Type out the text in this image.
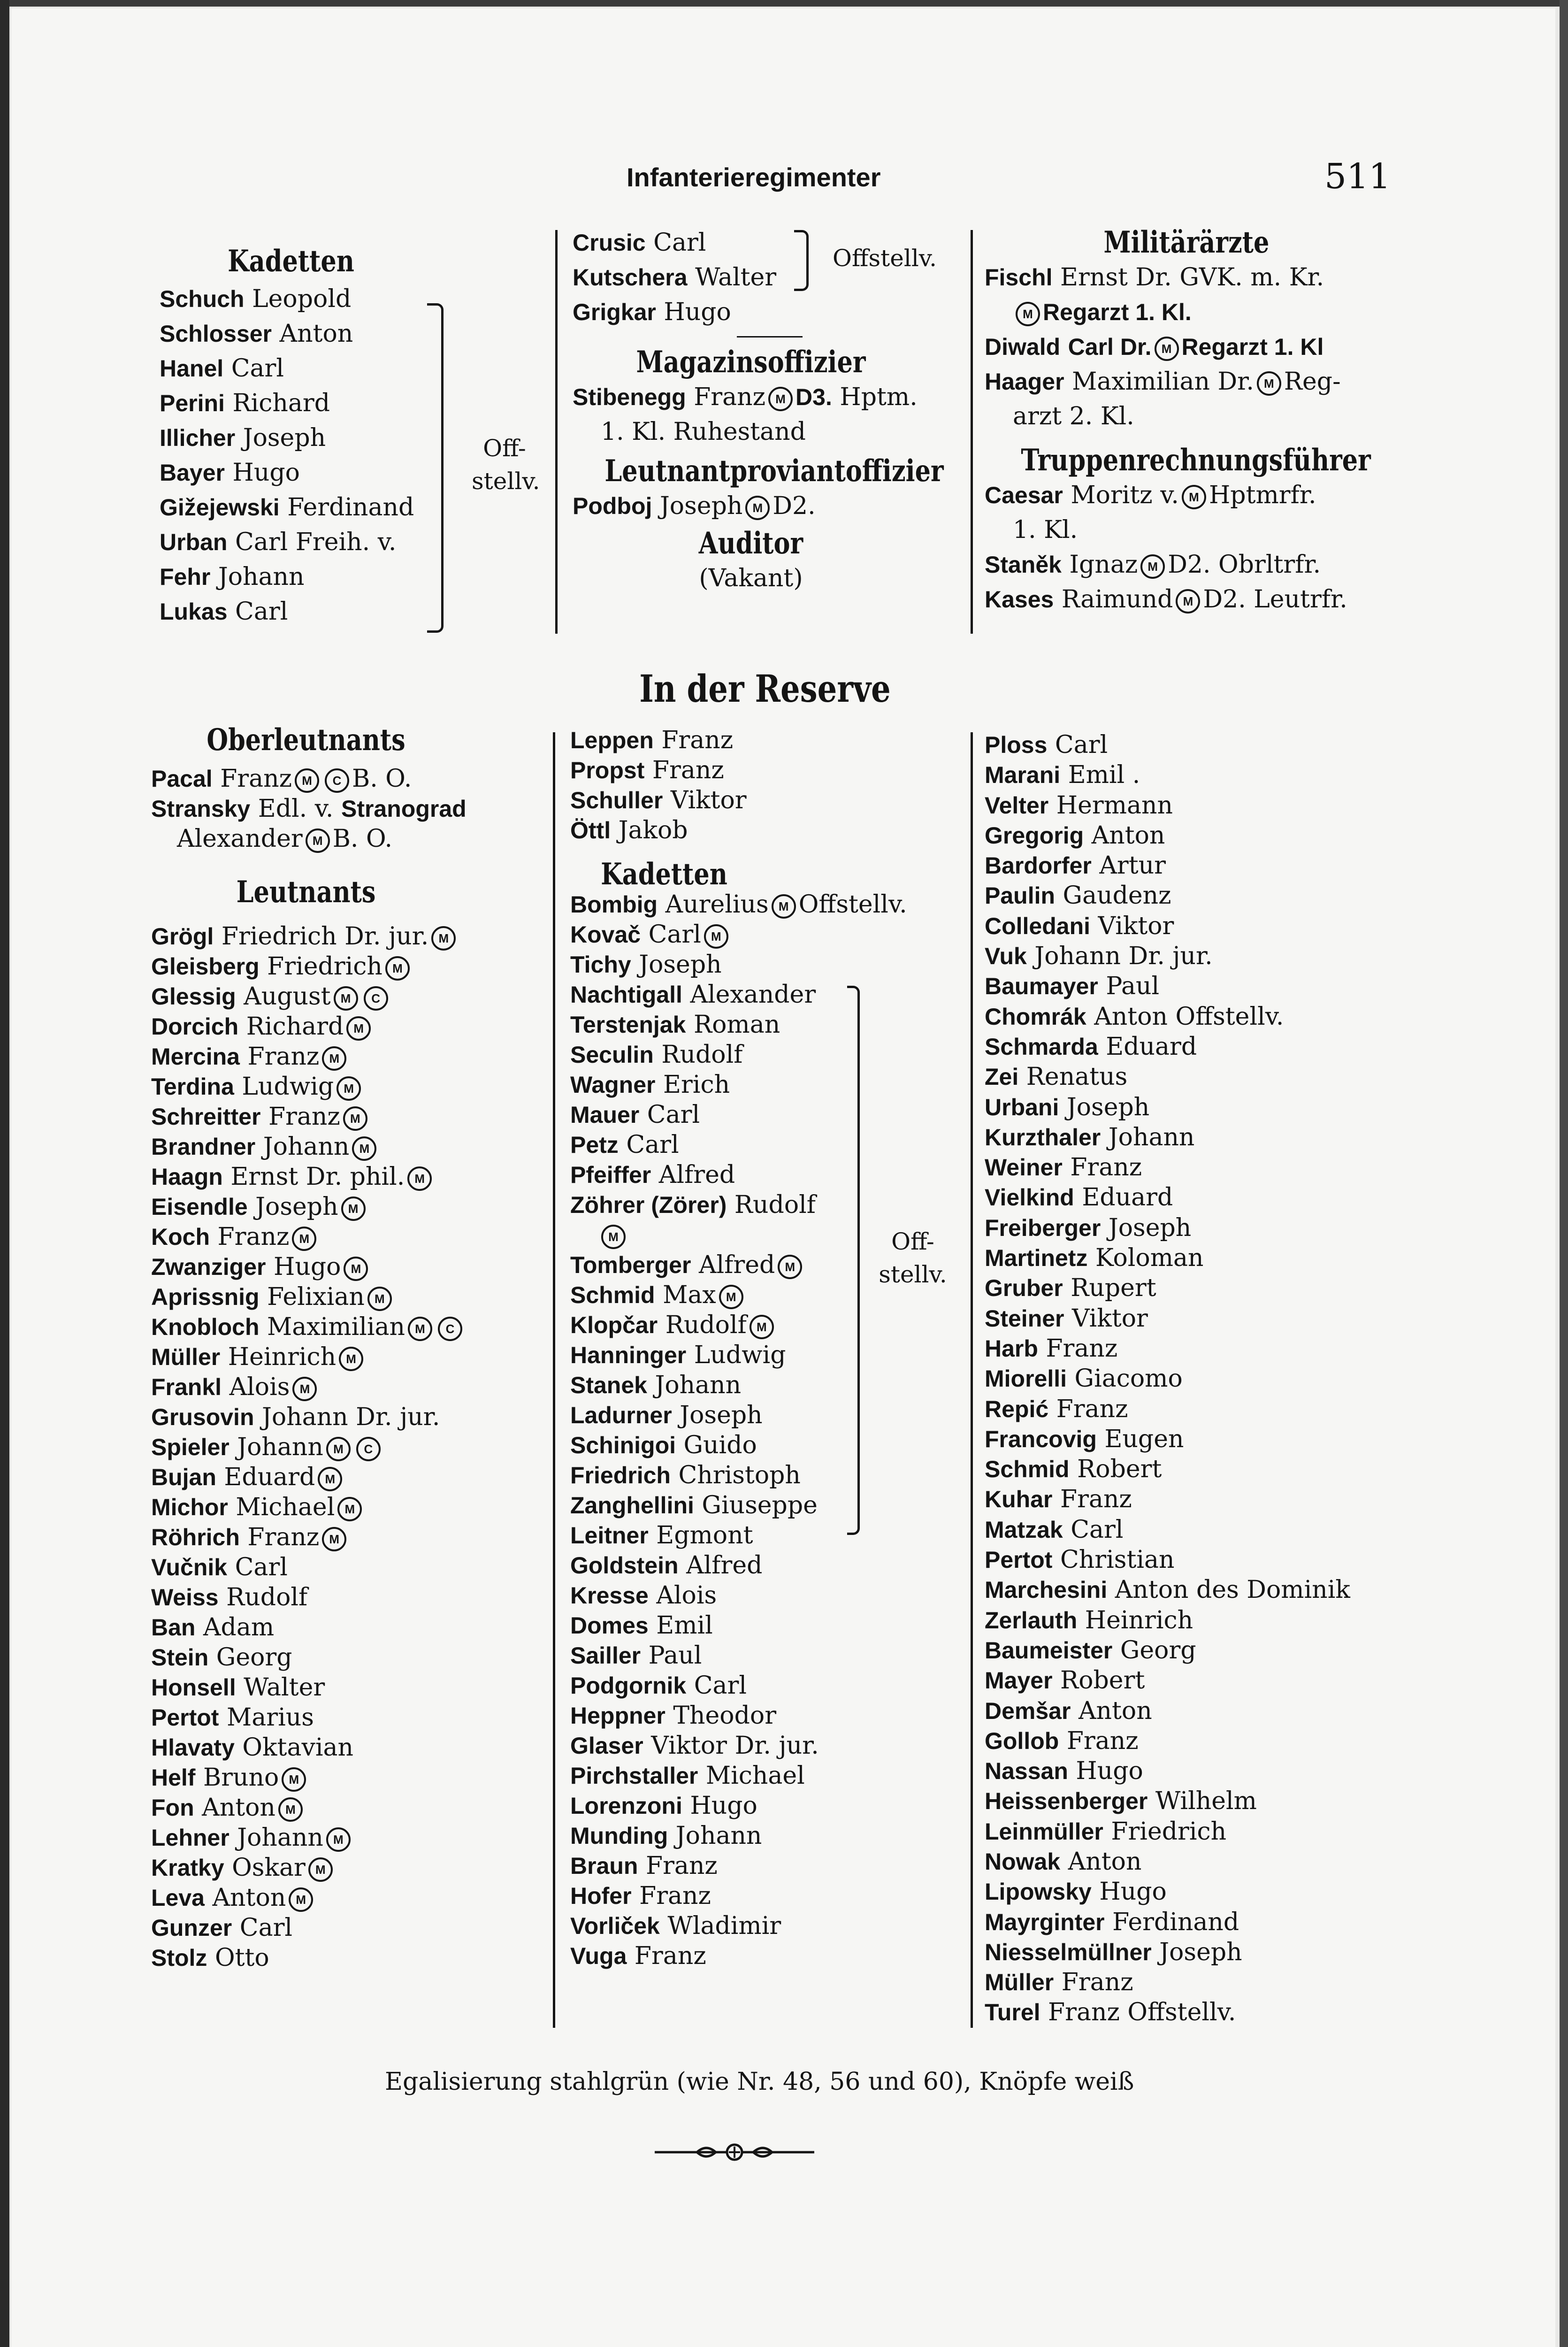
Infanterieregimenter	511
Kadetten
Schuch Leopold
Schlosser Anton
Hanel Carl
Perini Richard
Illicher Joseph
Bayer Hugo
Gižejewski Ferdinand
Urban Carl Freih. v.
Fehr Johann
Lukas Carl
Off-
stellv.
Crusic Carl
Kutschera Walter
Grigkar Hugo
Magazinsoffizier
Stibenegg Franz M D3. Hptm.
1. Kl. Ruhestand
Leutnantproviantoffizier
Podboj Joseph M D2.
Auditor
(Vakant)
Offstellv.	Militärärzte
Fischl Ernst Dr. GVK. m. Kr.
M Regarzt 1. Kl.
Diwald Carl Dr. M Regarzt 1. Kl
Haager Maximilian Dr. M Reg-
arzt 2. Kl.
Truppenrechnungsführer
Caesar Moritz v. M Hptmrfr.
1. Kl.
Staněk Ignaz M D2. Obrltrfr.
Kases Raimund M D2. Leutrfr.
In der Reserve
Oberleutnants
Pacal Franz M C B. O.
Stransky Edl. v. Stranograd
Alexander M B. O.
Leutnants
Grögl Friedrich Dr. jur. M
Gleisberg Friedrich M
Glessig August M C
Dorcich Richard M
Mercina Franz M
Terdina Ludwig M
Schreitter Franz M
Brandner Johann M
Haagn Ernst Dr. phil. M
Eisendle Joseph M
Koch Franz M
Zwanziger Hugo M
Aprissnig Felixian M
Knobloch Maximilian M C
Müller Heinrich M
Frankl Alois M
Grusovin Johann Dr. jur.
Spieler Johann M C
Bujan Eduard M
Michor Michael M
Röhrich Franz M
Vučnik Carl
Weiss Rudolf
Ban Adam
Stein Georg
Honsell Walter
Pertot Marius
Hlavaty Oktavian
Helf Bruno M
Fon Anton M
Lehner Johann M
Kratky Oskar M
Leva Anton M
Gunzer Carl
Stolz Otto
Leppen Franz
Propst Franz
Schuller Viktor
Öttl Jakob
Kadetten
Bombig Aurelius M Offstellv.
Kovač Carl M
Tichy Joseph
Nachtigall Alexander
Terstenjak Roman
Seculin Rudolf
Wagner Erich
Mauer Carl
Petz Carl
Pfeiffer Alfred
Zöhrer (Zörer) Rudolf
M
Tomberger Alfred M
Schmid Max M
Klopčar Rudolf M
Hanninger Ludwig
Stanek Johann
Ladurner Joseph
Schinigoi Guido
Friedrich Christoph
Zanghellini Giuseppe
Leitner Egmont
Goldstein Alfred
Kresse Alois
Domes Emil
Sailler Paul
Podgornik Carl
Heppner Theodor
Glaser Viktor Dr. jur.
Pirchstaller Michael
Lorenzoni Hugo
Munding Johann
Braun Franz
Hofer Franz
Vorliček Wladimir
Vuga Franz
Off-
stellv.
Ploss Carl
Marani Emil .
Velter Hermann
Gregorig Anton
Bardorfer Artur
Paulin Gaudenz
Colledani Viktor
Vuk Johann Dr. jur.
Baumayer Paul
Chomrák Anton Offstellv.
Schmarda Eduard
Zei Renatus
Urbani Joseph
Kurzthaler Johann
Weiner Franz
Vielkind Eduard
Freiberger Joseph
Martinetz Koloman
Gruber Rupert
Steiner Viktor
Harb Franz
Miorelli Giacomo
Repić Franz
Francovig Eugen
Schmid Robert
Kuhar Franz
Matzak Carl
Pertot Christian
Marchesini Anton des Dominik
Zerlauth Heinrich
Baumeister Georg
Mayer Robert
Demšar Anton
Gollob Franz
Nassan Hugo
Heissenberger Wilhelm
Leinmüller Friedrich
Nowak Anton
Lipowsky Hugo
Mayrginter Ferdinand
Niesselmüllner Joseph
Müller Franz
Turel Franz Offstellv.
Egalisierung stahlgrün (wie Nr. 48, 56 und 60), Knöpfe weiß
